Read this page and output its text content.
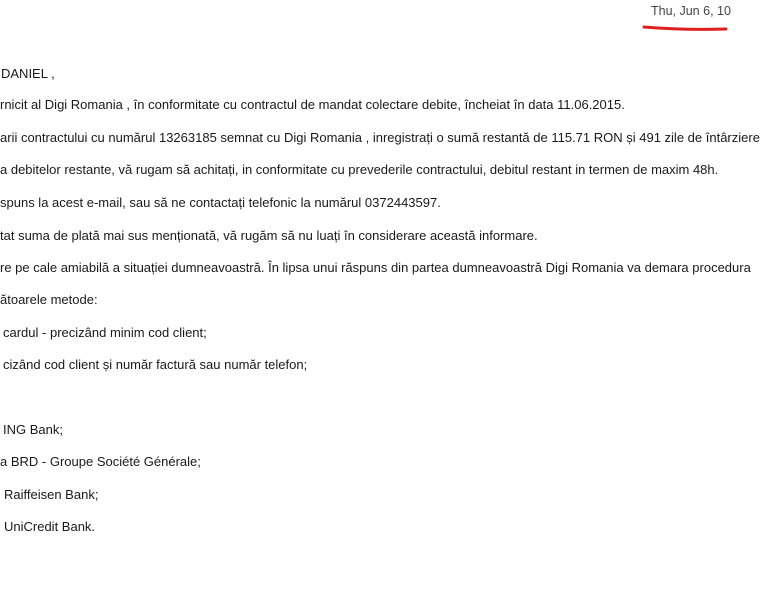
Thu, Jun 6, 10
DANIEL ,
rnicit al Digi Romania , în conformitate cu contractul de mandat colectare debite, încheiat în data 11.06.2015.
arii contractului cu numărul 13263185 semnat cu Digi Romania , inregistrați o sumă restantă de 115.71 RON și 491 zile de întârziere
a debitelor restante, vă rugam să achitați, in conformitate cu prevederile contractului, debitul restant in termen de maxim 48h.
spuns la acest e-mail, sau să ne contactați telefonic la numărul 0372443597.
tat suma de plată mai sus menționată, vă rugăm să nu luați în considerare această informare.
re pe cale amiabilă a situației dumneavoastră. În lipsa unui răspuns din partea dumneavoastră Digi Romania va demara procedura
ătoarele metode:
cardul - precizând minim cod client;
cizând cod client și număr factură sau număr telefon;
ING Bank;
a BRD - Groupe Société Générale;
Raiffeisen Bank;
UniCredit Bank.
